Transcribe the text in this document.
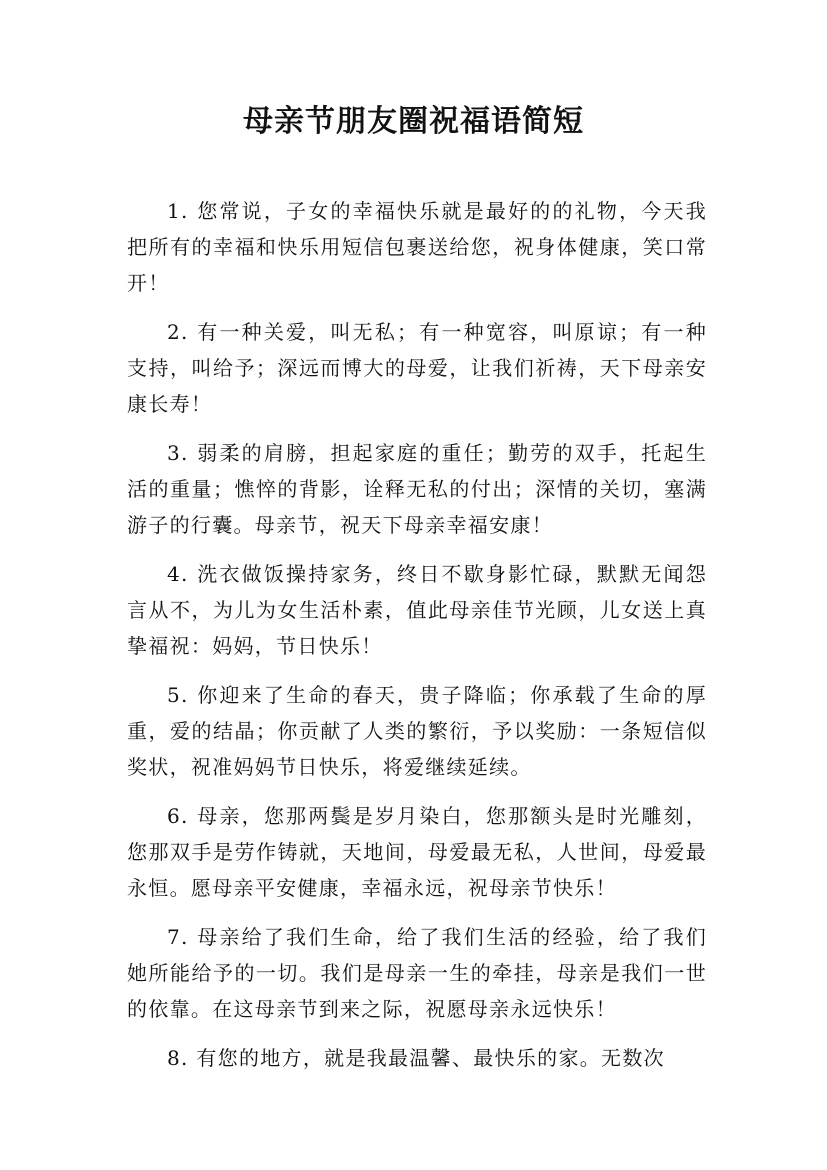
母亲节朋友圈祝福语简短

1. 您常说，子女的幸福快乐就是最好的的礼物，今天我把所有的幸福和快乐用短信包裹送给您，祝身体健康，笑口常开！

2. 有一种关爱，叫无私；有一种宽容，叫原谅；有一种支持，叫给予；深远而博大的母爱，让我们祈祷，天下母亲安康长寿！

3. 弱柔的肩膀，担起家庭的重任；勤劳的双手，托起生活的重量；憔悴的背影，诠释无私的付出；深情的关切，塞满游子的行囊。母亲节，祝天下母亲幸福安康！

4. 洗衣做饭操持家务，终日不歇身影忙碌，默默无闻怨言从不，为儿为女生活朴素，值此母亲佳节光顾，儿女送上真挚福祝：妈妈，节日快乐！

5. 你迎来了生命的春天，贵子降临；你承载了生命的厚重，爱的结晶；你贡献了人类的繁衍，予以奖励：一条短信似奖状，祝准妈妈节日快乐，将爱继续延续。

6. 母亲，您那两鬓是岁月染白，您那额头是时光雕刻，您那双手是劳作铸就，天地间，母爱最无私，人世间，母爱最永恒。愿母亲平安健康，幸福永远，祝母亲节快乐！

7. 母亲给了我们生命，给了我们生活的经验，给了我们她所能给予的一切。我们是母亲一生的牵挂，母亲是我们一世的依靠。在这母亲节到来之际，祝愿母亲永远快乐！

8. 有您的地方，就是我最温馨、最快乐的家。无数次
